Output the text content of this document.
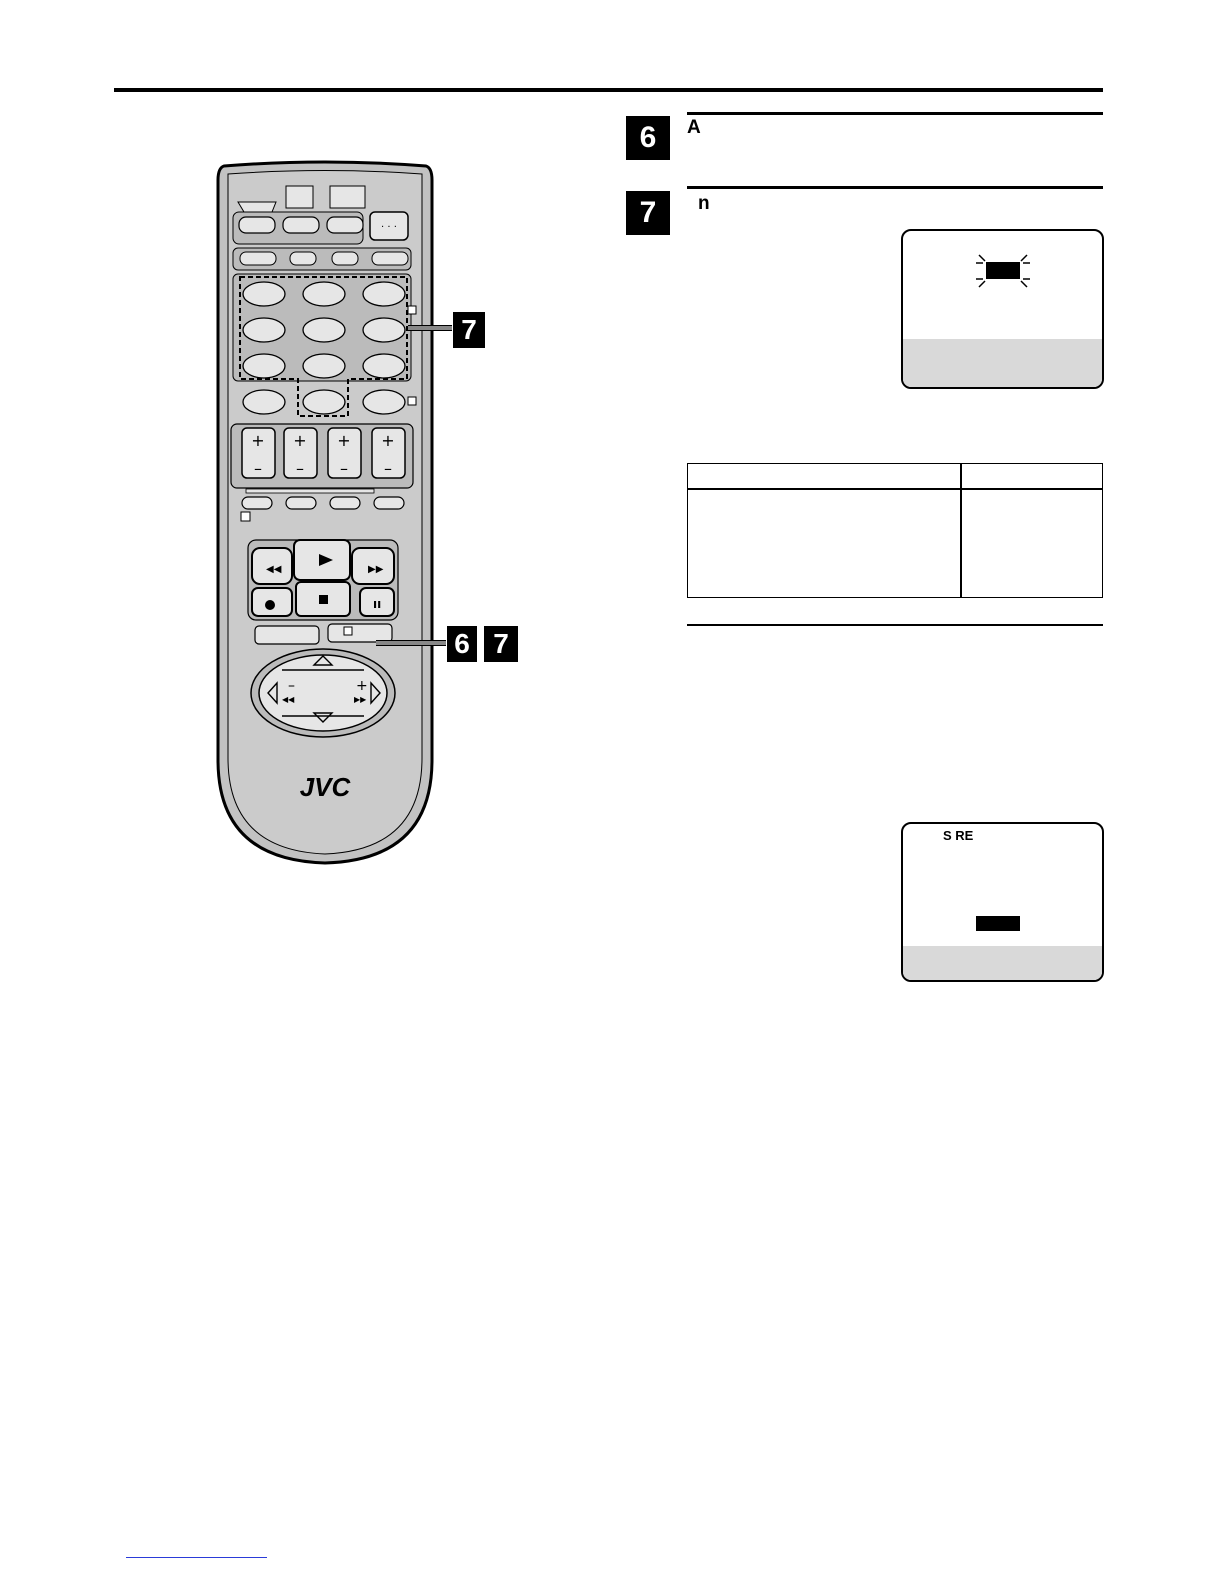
6	A
7	n
S RE
· · ·
+ + + +
– – – –
◀◀	▶▶
ıı
–	+
◀◀	▶▶
JVC
7
6 7
